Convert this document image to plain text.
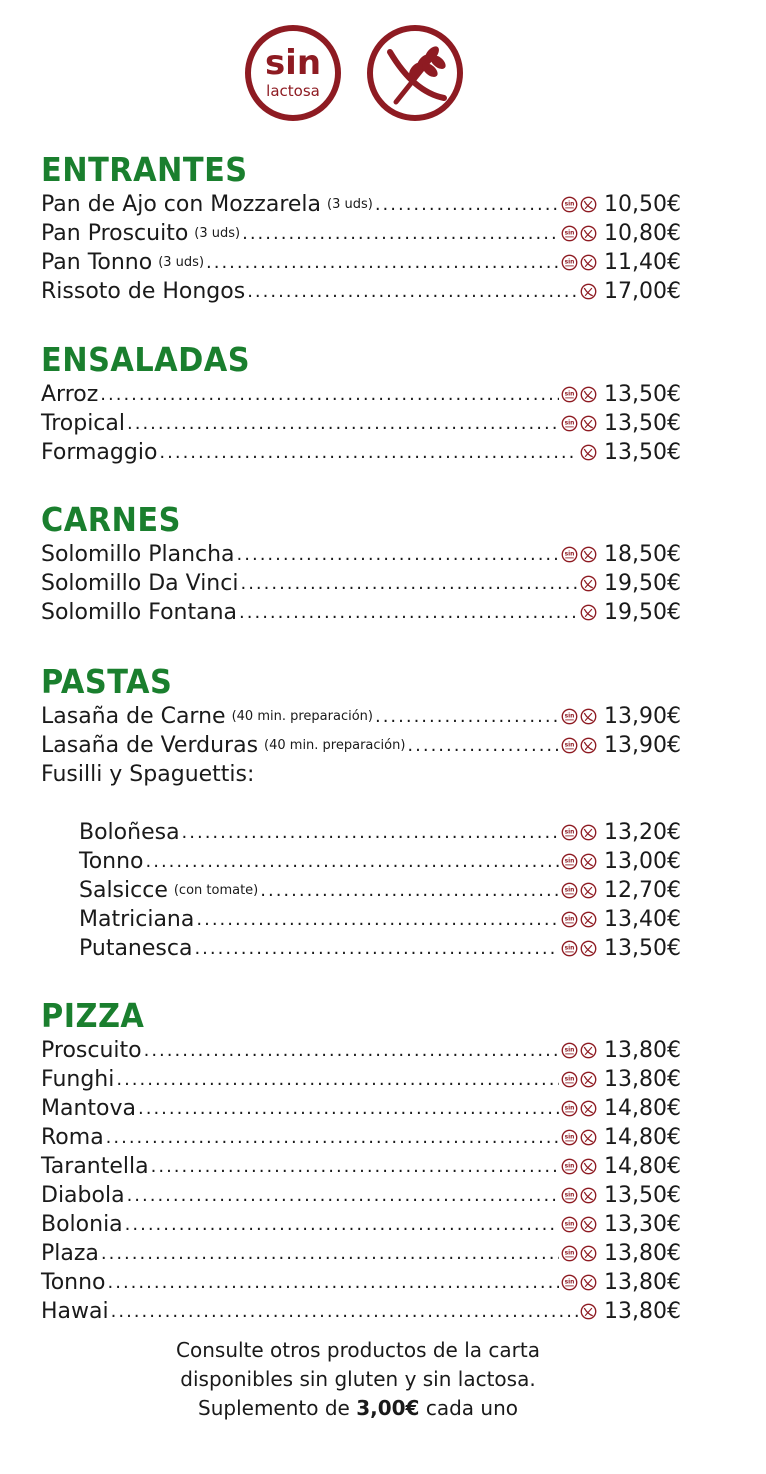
sin
lactosa
ENTRANTES
Pan de Ajo con Mozzarela (3 uds) .....	sin 10,50€
Pan Proscuito (3 uds) .....	sin 10,80€
Pan Tonno (3 uds) .....	sin 11,40€
Rissoto de Hongos .....	17,00€
ENSALADAS
Arroz .....	sin 13,50€
Tropical .....	sin 13,50€
Formaggio .....	13,50€
CARNES
Solomillo Plancha .....	sin 18,50€
Solomillo Da Vinci .....	19,50€
Solomillo Fontana .....	19,50€
PASTAS
Lasaña de Carne (40 min. preparación) .....	sin 13,90€
Lasaña de Verduras (40 min. preparación) .....	sin 13,90€
Fusilli y Spaguettis:
Boloñesa .....	sin 13,20€
Tonno .....	sin 13,00€
Salsicce (con tomate) .....	sin 12,70€
Matriciana .....	sin 13,40€
Putanesca .....	sin 13,50€
PIZZA
Proscuito .....	sin 13,80€
Funghi .....	sin 13,80€
Mantova .....	sin 14,80€
Roma .....	sin 14,80€
Tarantella .....	sin 14,80€
Diabola .....	sin 13,50€
Bolonia .....	sin 13,30€
Plaza .....	sin 13,80€
Tonno .....	sin 13,80€
Hawai .....	13,80€
Consulte otros productos de la carta
disponibles sin gluten y sin lactosa.
Suplemento de 3,00€ cada uno
